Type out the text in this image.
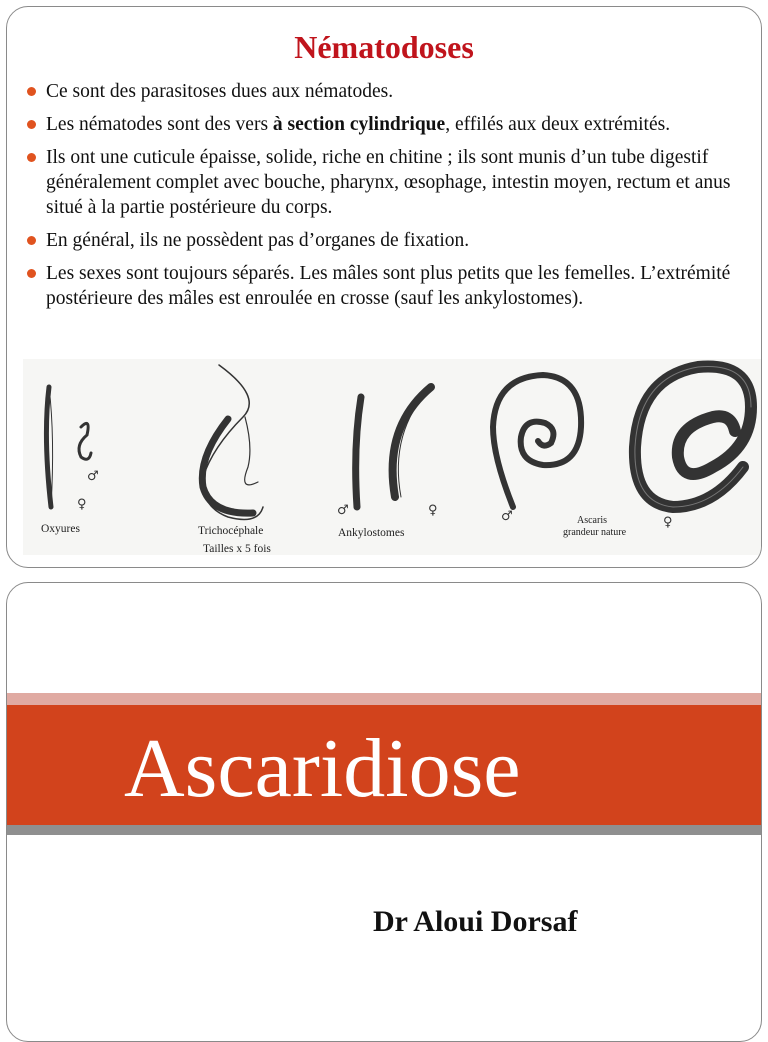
Nématodoses
Ce sont des parasitoses dues aux nématodes.
Les nématodes sont des vers à section cylindrique, effilés aux deux extrémités.
Ils ont une cuticule épaisse, solide, riche en chitine ; ils sont munis d’un tube digestif généralement complet avec bouche, pharynx, œsophage, intestin moyen, rectum et anus situé à la partie postérieure du corps.
En général, ils ne possèdent pas d’organes de fixation.
Les sexes sont toujours séparés. Les mâles sont plus petits que les femelles. L’extrémité postérieure des mâles est enroulée en crosse (sauf les ankylostomes).
♂
♀	♂	♀	♂	♀
Oxyures	Trichocéphale	Ankylostomes
Tailles x 5 fois
Ascaris
grandeur nature
Ascaridiose
Dr Aloui Dorsaf
